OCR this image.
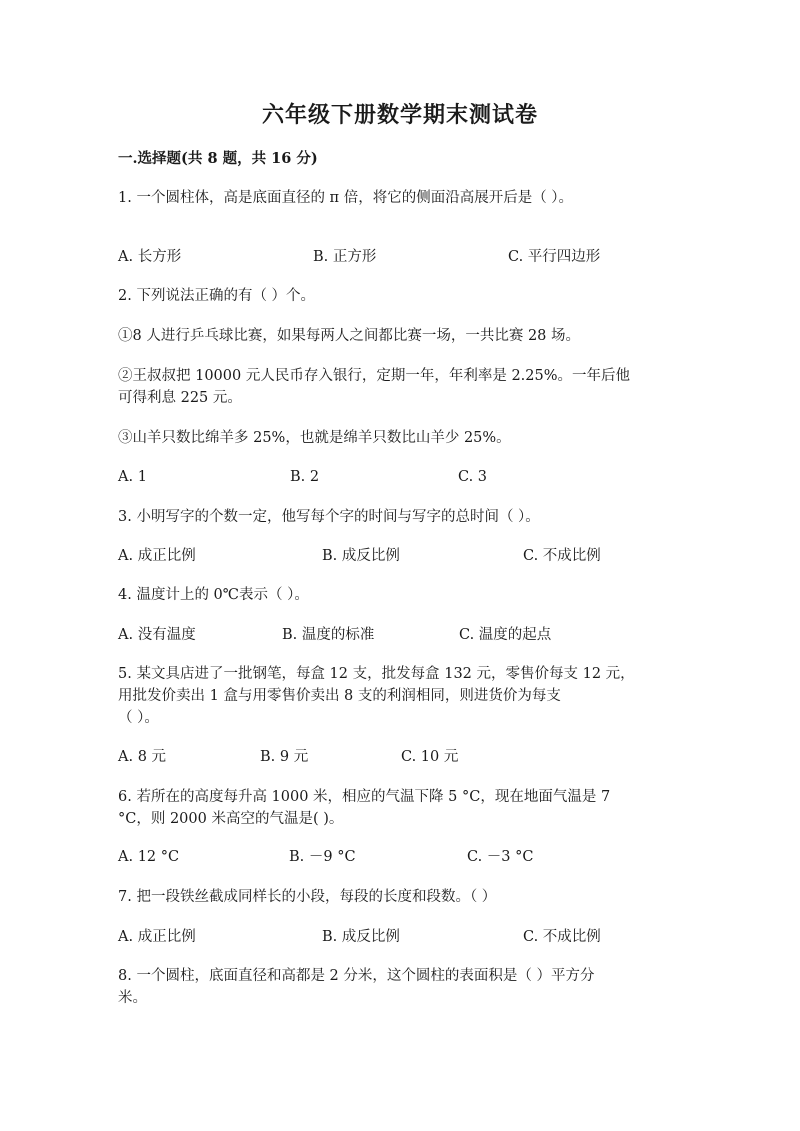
六年级下册数学期末测试卷
一.选择题(共 8 题，共 16 分)
1. 一个圆柱体，高是底面直径的 π 倍，将它的侧面沿高展开后是（ ）。
A. 长方形	B. 正方形	C. 平行四边形
2. 下列说法正确的有（ ）个。
①8 人进行乒乓球比赛，如果每两人之间都比赛一场，一共比赛 28 场。
②王叔叔把 10000 元人民币存入银行，定期一年，年利率是 2.25%。一年后他
可得利息 225 元。
③山羊只数比绵羊多 25%，也就是绵羊只数比山羊少 25%。
A. 1	B. 2	C. 3
3. 小明写字的个数一定，他写每个字的时间与写字的总时间（ ）。
A. 成正比例	B. 成反比例	C. 不成比例
4. 温度计上的 0℃表示（ ）。
A. 没有温度	B. 温度的标准	C. 温度的起点
5. 某文具店进了一批钢笔，每盒 12 支，批发每盒 132 元，零售价每支 12 元，
用批发价卖出 1 盒与用零售价卖出 8 支的利润相同，则进货价为每支
（ ）。
A. 8 元	B. 9 元	C. 10 元
6. 若所在的高度每升高 1000 米，相应的气温下降 5 °C，现在地面气温是 7
°C，则 2000 米高空的气温是( )。
A. 12 °C	B. －9 °C	C. －3 °C
7. 把一段铁丝截成同样长的小段，每段的长度和段数。（ ）
A. 成正比例	B. 成反比例	C. 不成比例
8. 一个圆柱，底面直径和高都是 2 分米，这个圆柱的表面积是（ ）平方分
米。
